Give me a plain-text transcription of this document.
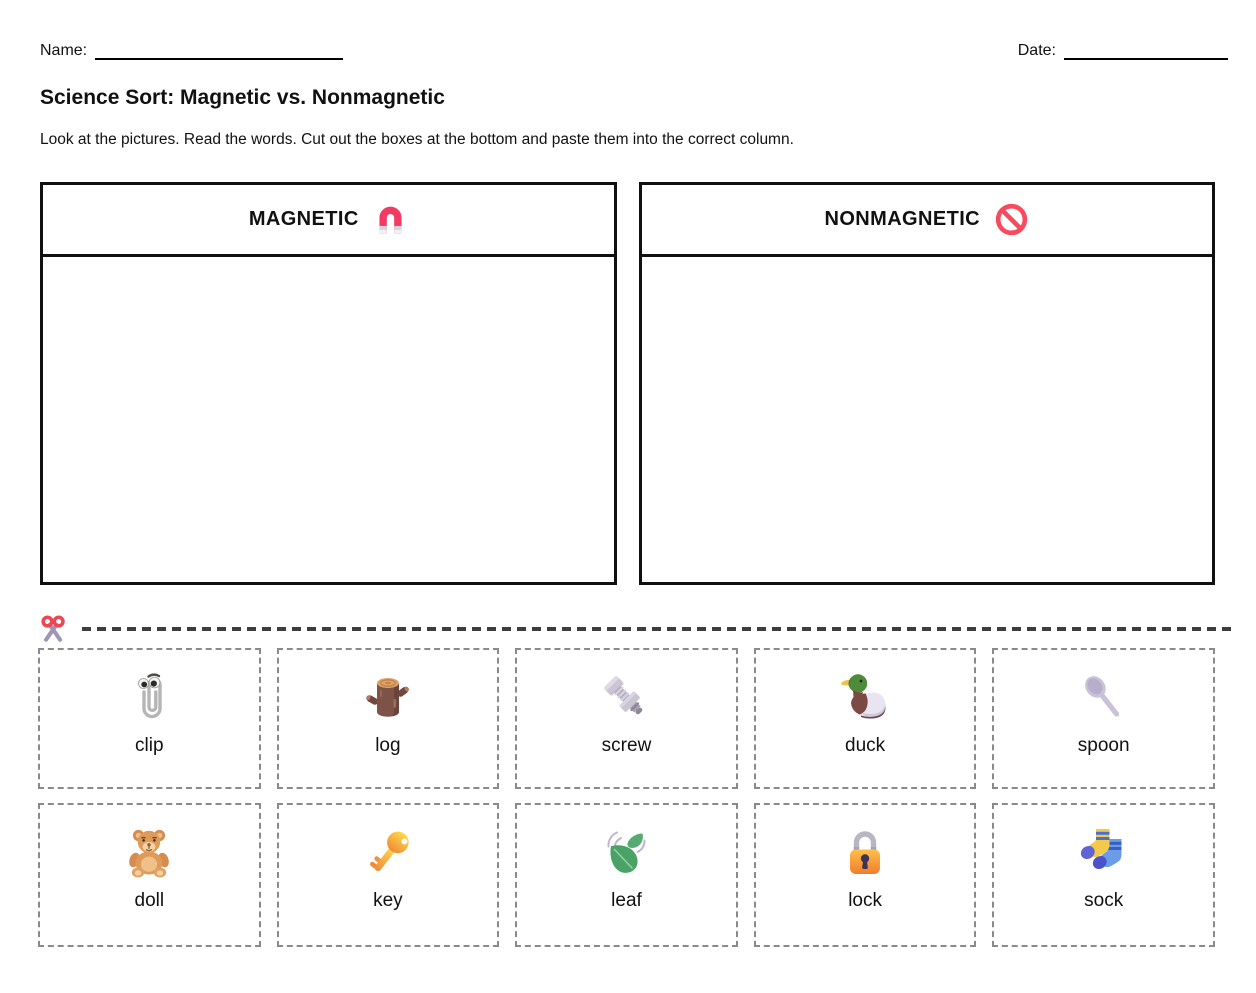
Name:	Date:
Science Sort: Magnetic vs. Nonmagnetic
Look at the pictures. Read the words. Cut out the boxes at the bottom and paste them into the correct column.
MAGNETIC	NONMAGNETIC
clip	log	screw	duck	spoon
doll	key	leaf	lock	sock
